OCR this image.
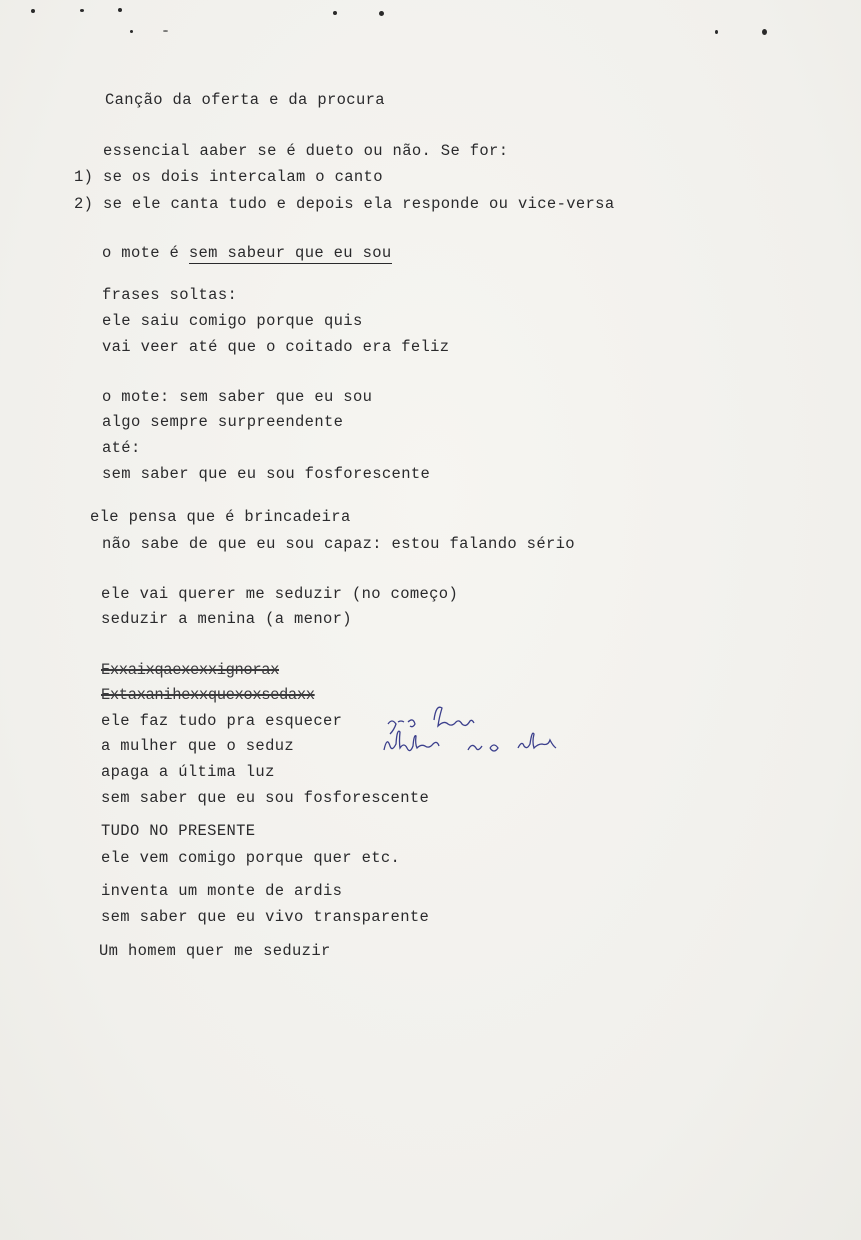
Canção da oferta e da procura
essencial aaber se é dueto ou não. Se for:
1) se os dois intercalam o canto
2) se ele canta tudo e depois ela responde ou vice-versa
o mote é sem sabeur que eu sou
frases soltas:
ele saiu comigo porque quis
vai veer até que o coitado era feliz
o mote: sem saber que eu sou
algo sempre surpreendente
até:
sem saber que eu sou fosforescente
ele pensa que é brincadeira
não sabe de que eu sou capaz: estou falando sério
ele vai querer me seduzir (no começo)
seduzir a menina (a menor)
Exxaixqaexexxignorax
Extaxanihexxquexoxsedaxx
ele faz tudo pra esquecer
a mulher que o seduz
apaga a última luz
sem saber que eu sou fosforescente
TUDO NO PRESENTE
ele vem comigo porque quer etc.
inventa um monte de ardis
sem saber que eu vivo transparente
Um homem quer me seduzir
